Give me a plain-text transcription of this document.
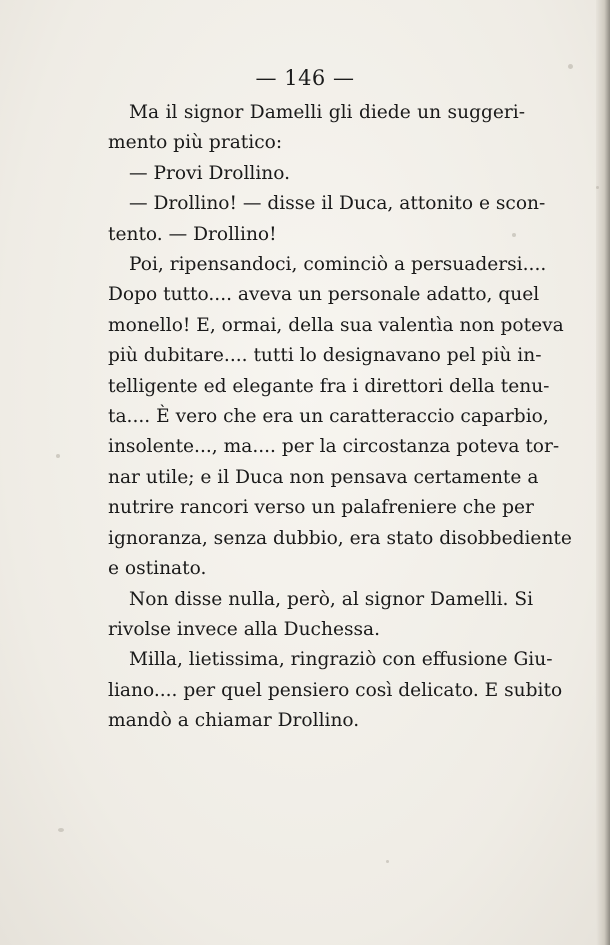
— 146 —

Ma il signor Damelli gli diede un suggeri-
mento più pratico:

— Provi Drollino.

— Drollino! — disse il Duca, attonito e scon-
tento. — Drollino!

Poi, ripensandoci, cominciò a persuadersi....
Dopo tutto.... aveva un personale adatto, quel
monello! E, ormai, della sua valentìa non poteva
più dubitare.... tutti lo designavano pel più in-
telligente ed elegante fra i direttori della tenu-
ta.... È vero che era un caratteraccio caparbio,
insolente..., ma.... per la circostanza poteva tor-
nar utile; e il Duca non pensava certamente a
nutrire rancori verso un palafreniere che per
ignoranza, senza dubbio, era stato disobbediente
e ostinato.

Non disse nulla, però, al signor Damelli. Si
rivolse invece alla Duchessa.

Milla, lietissima, ringraziò con effusione Giu-
liano.... per quel pensiero così delicato. E subito
mandò a chiamar Drollino.
